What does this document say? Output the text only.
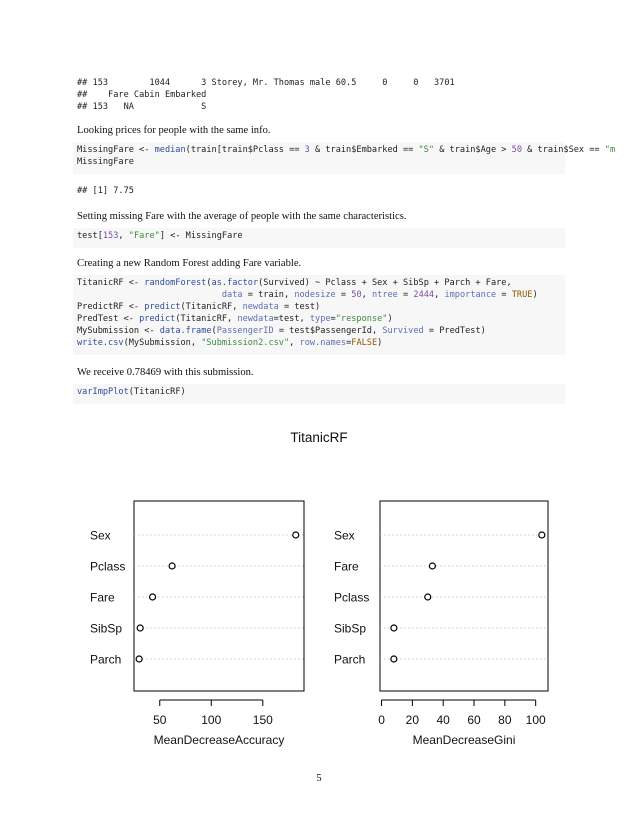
## 153        1044      3 Storey, Mr. Thomas male 60.5     0     0   3701
##    Fare Cabin Embarked
## 153   NA             S

Looking prices for people with the same info.

MissingFare <- median(train[train$Pclass == 3 & train$Embarked == "S" & train$Age > 50 & train$Sex == "m
MissingFare
## [1] 7.75

Setting missing Fare with the average of people with the same characteristics.

test[153, "Fare"] <- MissingFare

Creating a new Random Forest adding Fare variable.

TitanicRF <- randomForest(as.factor(Survived) ~ Pclass + Sex + SibSp + Parch + Fare,
data = train, nodesize = 50, ntree = 2444, importance = TRUE)
PredictRF <- predict(TitanicRF, newdata = test)
PredTest <- predict(TitanicRF, newdata=test, type="response")
MySubmission <- data.frame(PassengerID = test$PassengerId, Survived = PredTest)
write.csv(MySubmission, "Submission2.csv", row.names=FALSE)

We receive 0.78469 with this submission.

varImpPlot(TitanicRF)
TitanicRF
Sex
Pclass
Fare
SibSp
Parch
50	100	150
MeanDecreaseAccuracy
Sex
Fare
Pclass
SibSp
Parch
0 20 40 60 80 100
MeanDecreaseGini
5
